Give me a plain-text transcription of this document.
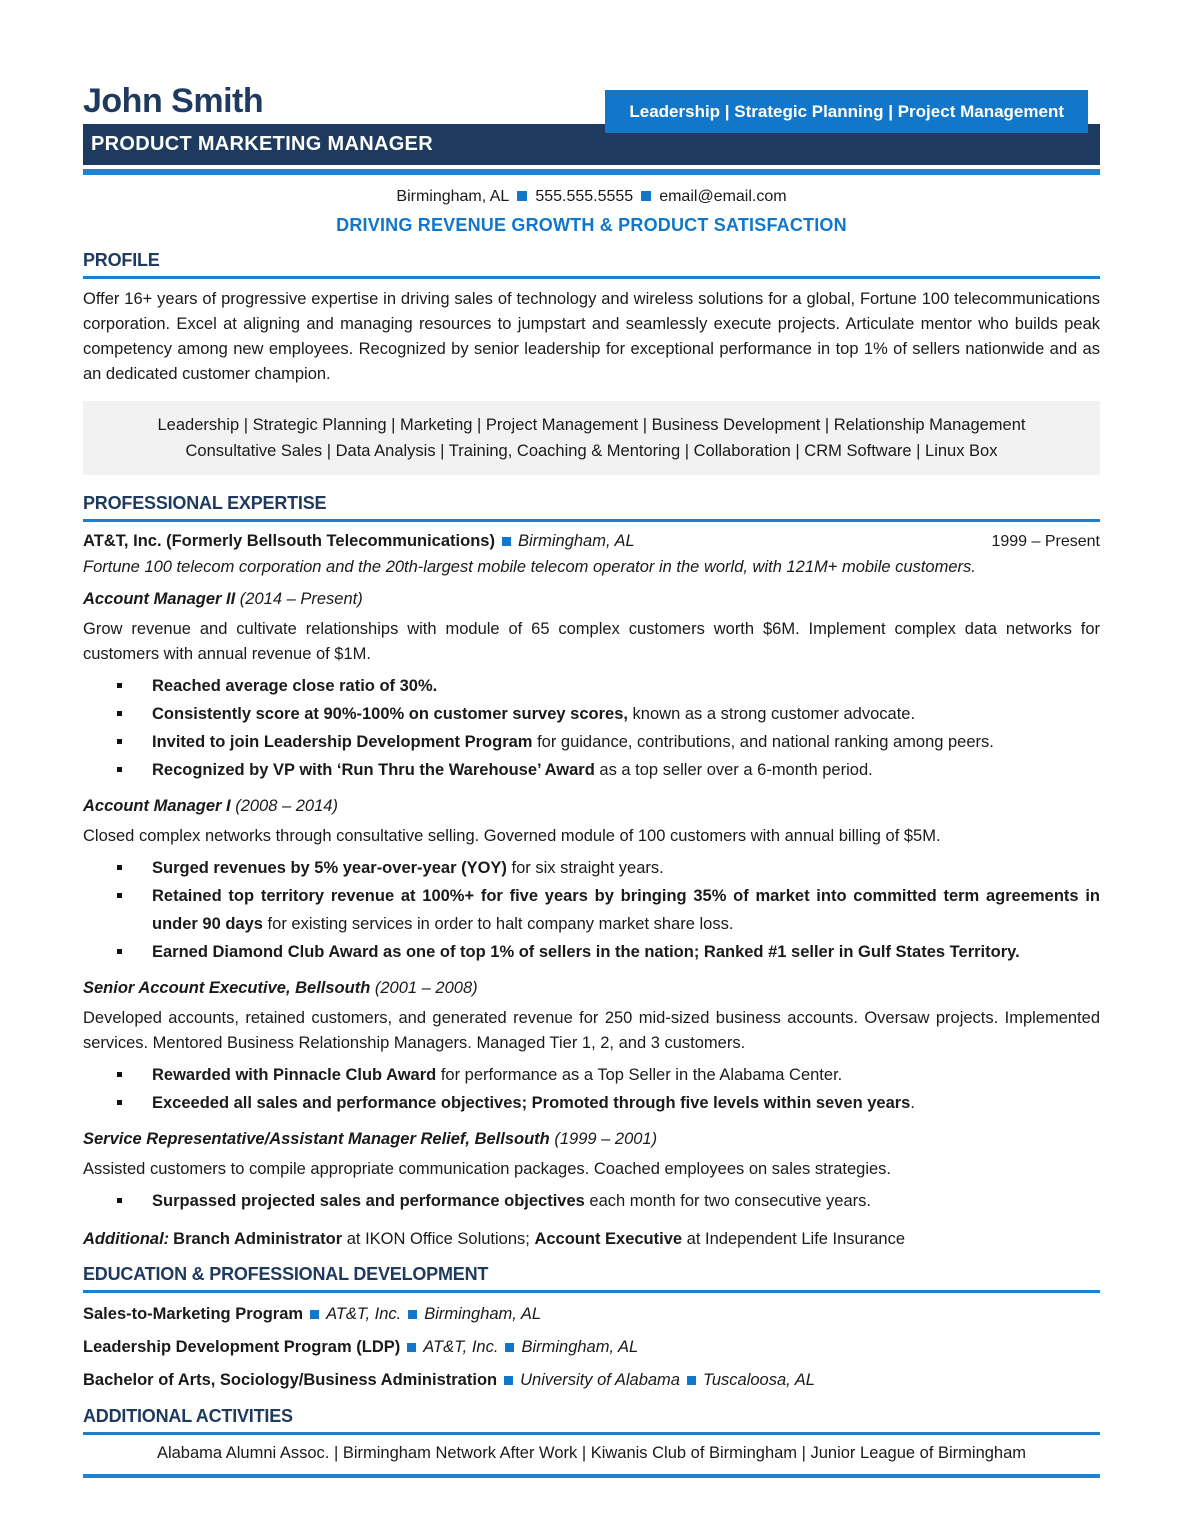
John Smith	Leadership | Strategic Planning | Project Management
PRODUCT MARKETING MANAGER
Birmingham, AL 555.555.5555 email@email.com
DRIVING REVENUE GROWTH & PRODUCT SATISFACTION
PROFILE

Offer 16+ years of progressive expertise in driving sales of technology and wireless solutions for a global, Fortune 100 telecommunications corporation. Excel at aligning and managing resources to jumpstart and seamlessly execute projects. Articulate mentor who builds peak competency among new employees. Recognized by senior leadership for exceptional performance in top 1% of sellers nationwide and as an dedicated customer champion.

Leadership | Strategic Planning | Marketing | Project Management | Business Development | Relationship Management
Consultative Sales | Data Analysis | Training, Coaching & Mentoring | Collaboration | CRM Software | Linux Box
PROFESSIONAL EXPERTISE
AT&T, Inc. (Formerly Bellsouth Telecommunications) Birmingham, AL	1999 – Present

Fortune 100 telecom corporation and the 20th-largest mobile telecom operator in the world, with 121M+ mobile customers.

Account Manager II (2014 – Present)

Grow revenue and cultivate relationships with module of 65 complex customers worth $6M. Implement complex data networks for customers with annual revenue of $1M.

Reached average close ratio of 30%.
Consistently score at 90%-100% on customer survey scores, known as a strong customer advocate.
Invited to join Leadership Development Program for guidance, contributions, and national ranking among peers.
Recognized by VP with ‘Run Thru the Warehouse’ Award as a top seller over a 6-month period.
Account Manager I (2008 – 2014)

Closed complex networks through consultative selling. Governed module of 100 customers with annual billing of $5M.

Surged revenues by 5% year-over-year (YOY) for six straight years.
Retained top territory revenue at 100%+ for five years by bringing 35% of market into committed term agreements in under 90 days for existing services in order to halt company market share loss.
Earned Diamond Club Award as one of top 1% of sellers in the nation; Ranked #1 seller in Gulf States Territory.
Senior Account Executive, Bellsouth (2001 – 2008)

Developed accounts, retained customers, and generated revenue for 250 mid-sized business accounts. Oversaw projects. Implemented services. Mentored Business Relationship Managers. Managed Tier 1, 2, and 3 customers.

Rewarded with Pinnacle Club Award for performance as a Top Seller in the Alabama Center.
Exceeded all sales and performance objectives; Promoted through five levels within seven years.
Service Representative/Assistant Manager Relief, Bellsouth (1999 – 2001)

Assisted customers to compile appropriate communication packages. Coached employees on sales strategies.

Surpassed projected sales and performance objectives each month for two consecutive years.

Additional: Branch Administrator at IKON Office Solutions; Account Executive at Independent Life Insurance

EDUCATION & PROFESSIONAL DEVELOPMENT
Sales-to-Marketing Program AT&T, Inc. Birmingham, AL
Leadership Development Program (LDP) AT&T, Inc. Birmingham, AL
Bachelor of Arts, Sociology/Business Administration University of Alabama Tuscaloosa, AL
ADDITIONAL ACTIVITIES

Alabama Alumni Assoc. | Birmingham Network After Work | Kiwanis Club of Birmingham | Junior League of Birmingham
